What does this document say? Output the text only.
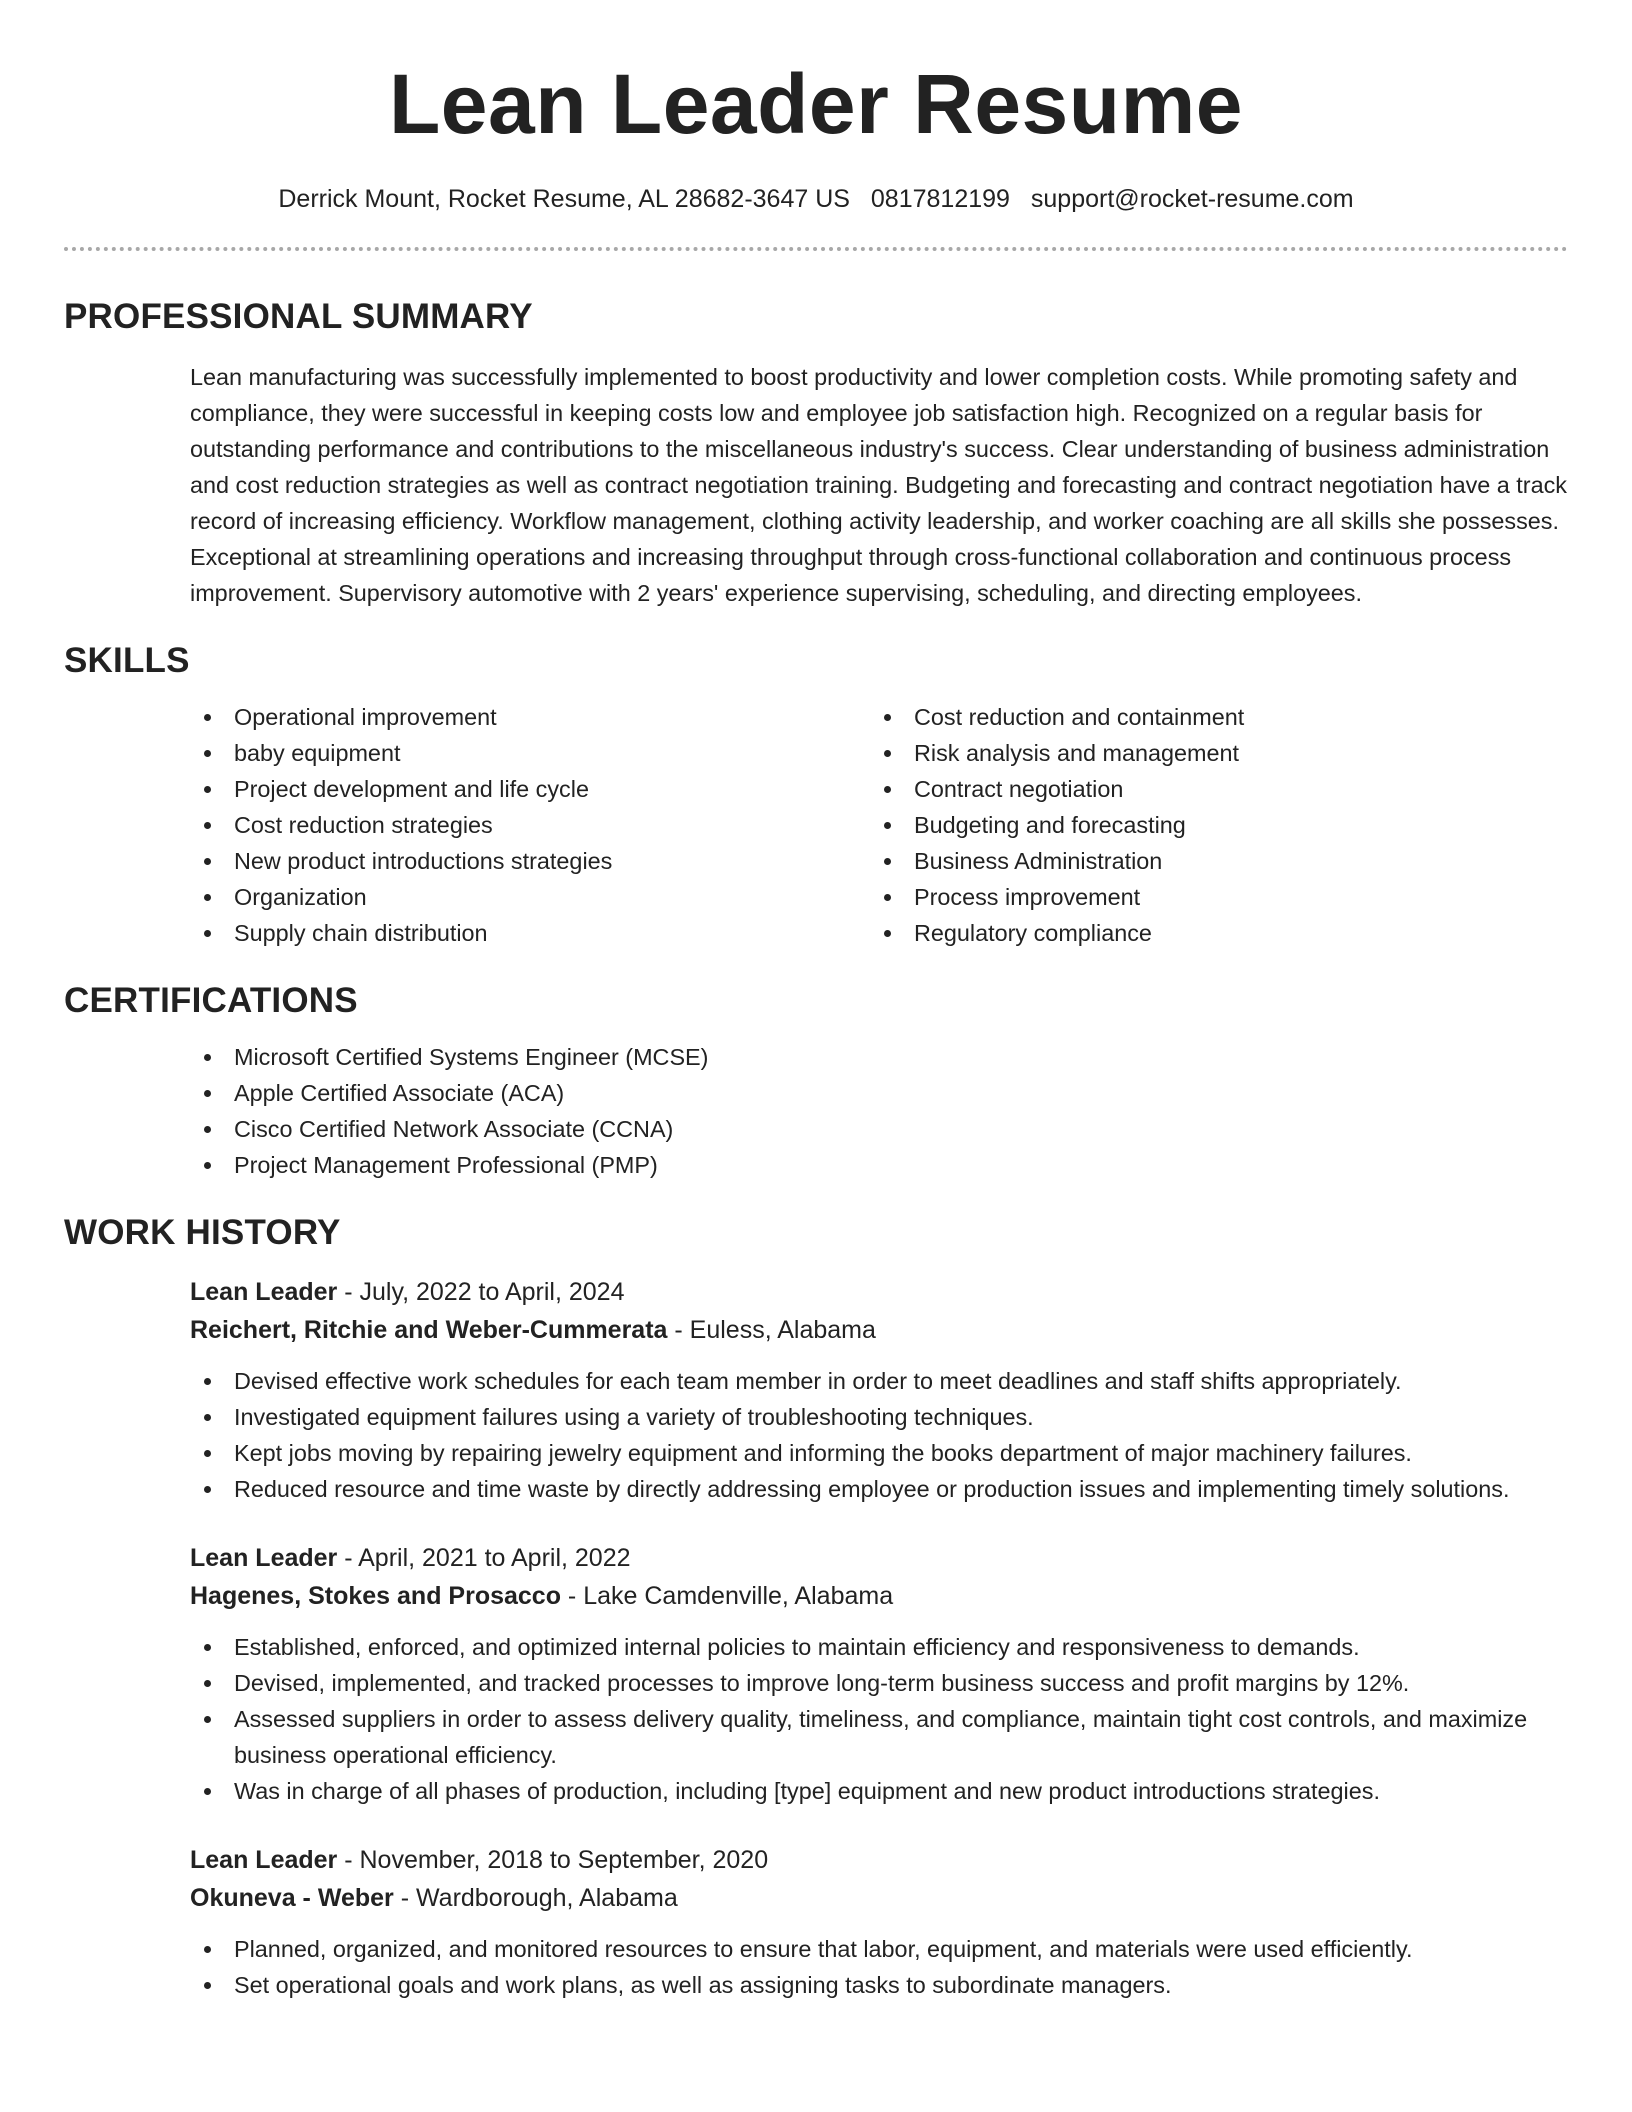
Lean Leader Resume
Derrick Mount, Rocket Resume, AL 28682-3647 US 0817812199 support@rocket-resume.com
PROFESSIONAL SUMMARY

Lean manufacturing was successfully implemented to boost productivity and lower completion costs. While promoting safety and compliance, they were successful in keeping costs low and employee job satisfaction high. Recognized on a regular basis for outstanding performance and contributions to the miscellaneous industry's success. Clear understanding of business administration and cost reduction strategies as well as contract negotiation training. Budgeting and forecasting and contract negotiation have a track record of increasing efficiency. Workflow management, clothing activity leadership, and worker coaching are all skills she possesses. Exceptional at streamlining operations and increasing throughput through cross-functional collaboration and continuous process improvement. Supervisory automotive with 2 years' experience supervising, scheduling, and directing employees.

SKILLS
Operational improvement
baby equipment
Project development and life cycle
Cost reduction strategies
New product introductions strategies
Organization
Supply chain distribution
Cost reduction and containment
Risk analysis and management
Contract negotiation
Budgeting and forecasting
Business Administration
Process improvement
Regulatory compliance
CERTIFICATIONS
Microsoft Certified Systems Engineer (MCSE)
Apple Certified Associate (ACA)
Cisco Certified Network Associate (CCNA)
Project Management Professional (PMP)
WORK HISTORY
Lean Leader - July, 2022 to April, 2024
Reichert, Ritchie and Weber-Cummerata - Euless, Alabama
Devised effective work schedules for each team member in order to meet deadlines and staff shifts appropriately.
Investigated equipment failures using a variety of troubleshooting techniques.
Kept jobs moving by repairing jewelry equipment and informing the books department of major machinery failures.
Reduced resource and time waste by directly addressing employee or production issues and implementing timely solutions.
Lean Leader - April, 2021 to April, 2022
Hagenes, Stokes and Prosacco - Lake Camdenville, Alabama
Established, enforced, and optimized internal policies to maintain efficiency and responsiveness to demands.
Devised, implemented, and tracked processes to improve long-term business success and profit margins by 12%.
Assessed suppliers in order to assess delivery quality, timeliness, and compliance, maintain tight cost controls, and maximize business operational efficiency.
Was in charge of all phases of production, including [type] equipment and new product introductions strategies.
Lean Leader - November, 2018 to September, 2020
Okuneva - Weber - Wardborough, Alabama
Planned, organized, and monitored resources to ensure that labor, equipment, and materials were used efficiently.
Set operational goals and work plans, as well as assigning tasks to subordinate managers.
